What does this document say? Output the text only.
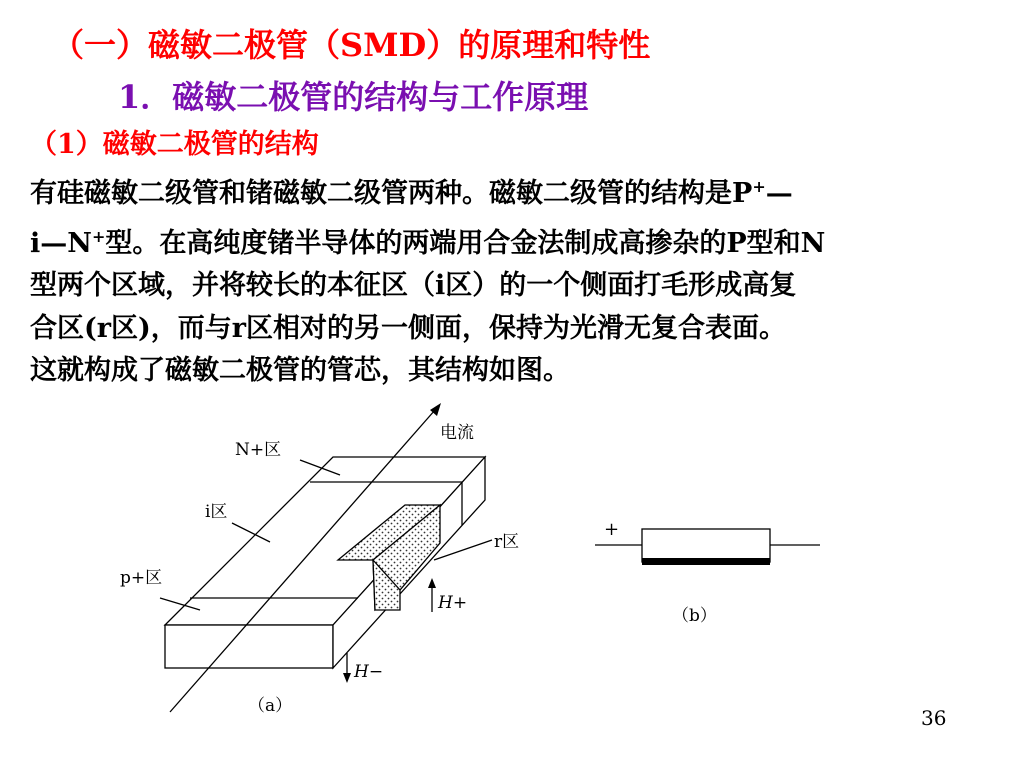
（一）磁敏二极管（SMD）的原理和特性
1．磁敏二极管的结构与工作原理
（1）磁敏二极管的结构
有硅磁敏二级管和锗磁敏二级管两种。磁敏二级管的结构是P+—
i—N+型。在高纯度锗半导体的两端用合金法制成高掺杂的P型和N
型两个区域，并将较长的本征区（i区）的一个侧面打毛形成高复
合区(r区)，而与r区相对的另一侧面，保持为光滑无复合表面。
这就构成了磁敏二极管的管芯，其结构如图。
电流
N+区
i区
p+区
r区
H+
H−
（a）
+
（b）
36
